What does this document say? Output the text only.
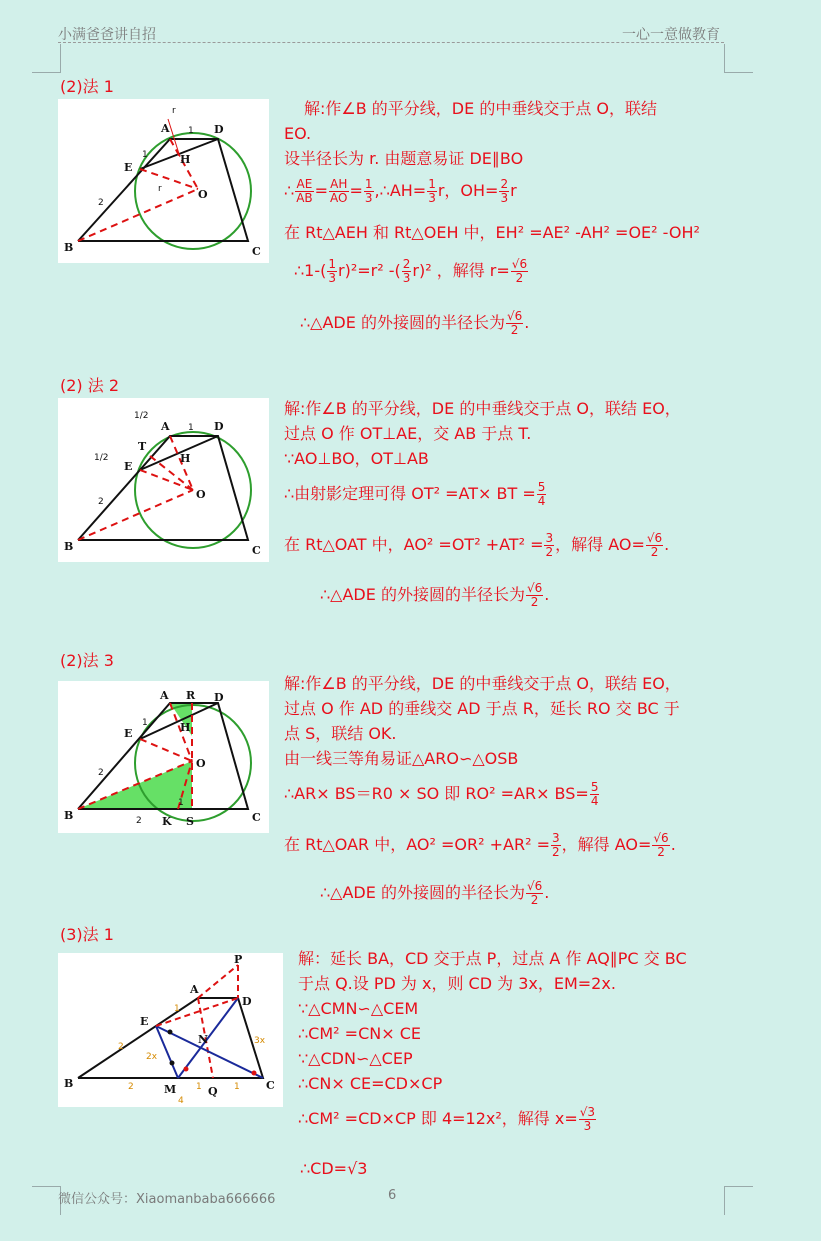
小满爸爸讲自招	一心一意做教育
(2)法 1
A	D
E
H
O
B	C
1
1
2
r
r
解:作∠B 的平分线，DE 的中垂线交于点 O，联结
EO.
设半径长为 r. 由题意易证 DE∥BO
∴ $\frac{AE}{AB} = \frac{AH}{AO} = \frac{1}{3}$ ,∴AH= $\frac{1}{3}$ r，$OH= \frac{2}{3}$ r
在 Rt△AEH 和 Rt△OEH 中，EH² =AE² -AH² =OE² -OH²
∴1-( $\frac{1}{3} r)^2=r^2$ -( $\frac{2}{3} r)^2$ ，解得 $r= \frac{√6}{2}$
∴△ADE 的外接圆的半径长为 $\frac{√6}{2}$ .
(2) 法 2
A	D
T
E
H
O
B	C
1
1/2
1/2
2
解:作∠B 的平分线，DE 的中垂线交于点 O，联结 EO，
过点 O 作 OT⊥AE，交 AB 于点 T.
∵AO⊥BO，OT⊥AB
∴由射影定理可得 OT² =AT× BT = $\frac{5}{4}$
在 Rt△OAT 中，$AO^2 =OT^2 +AT^2 = \frac{3}{2}$ ，解得 $AO= \frac{√6}{2}$ .
∴△ADE 的外接圆的半径长为 $\frac{√6}{2}$ .
(2)法 3
A R D
E	H
O
B	K S	C
1
2
2
1
解:作∠B 的平分线，DE 的中垂线交于点 O，联结 EO，
过点 O 作 AD 的垂线交 AD 于点 R，延长 RO 交 BC 于
点 S，联结 OK.
由一线三等角易证△ARO∽△OSB
∴AR× BS＝R0 × SO 即 $RO^2 =AR\times BS= \frac{5}{4}$
在 Rt△OAR 中，$AO^2 =OR^2 +AR^2 = \frac{3}{2}$ ，解得 $AO= \frac{√6}{2}$ .
∴△ADE 的外接圆的半径长为 $\frac{√6}{2}$ .
(3)法 1
P
A
D
E
N
B	M	Q	C
2
2x
3x
1
2
4
1	1
解：延长 BA，CD 交于点 P，过点 A 作 AQ∥PC 交 BC
于点 Q.设 PD 为 x，则 CD 为 3x，EM=2x.
∵△CMN∽△CEM
∴CM² =CN× CE
∵△CDN∽△CEP
∴CN× CE=CD×CP
∴CM² =CD×CP 即 4=12x²，解得 $x= \frac{√3}{3}$
∴CD=√3
微信公众号：Xiaomanbaba666666	6
